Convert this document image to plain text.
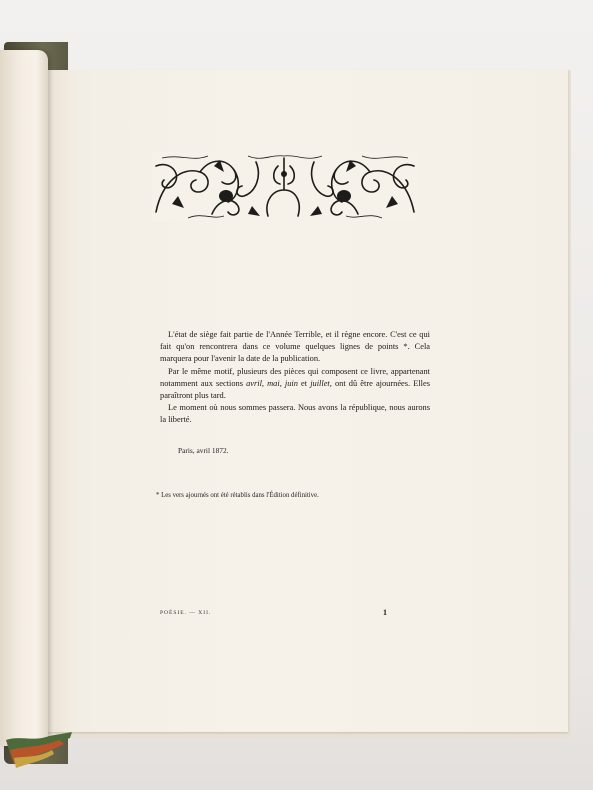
L'état de siège fait partie de l'Année Terrible, et il règne encore. C'est ce qui fait qu'on rencontrera dans ce volume quelques lignes de points *. Cela marquera pour l'avenir la date de la publication.

Par le même motif, plusieurs des pièces qui composent ce livre, appartenant notamment aux sections avril, mai, juin et juillet, ont dû être ajournées. Elles paraîtront plus tard.

Le moment où nous sommes passera. Nous avons la république, nous aurons la liberté.

Paris, avril 1872.
* Les vers ajournés ont été rétablis dans l'Édition définitive.
POÉSIE. — XII.	1
